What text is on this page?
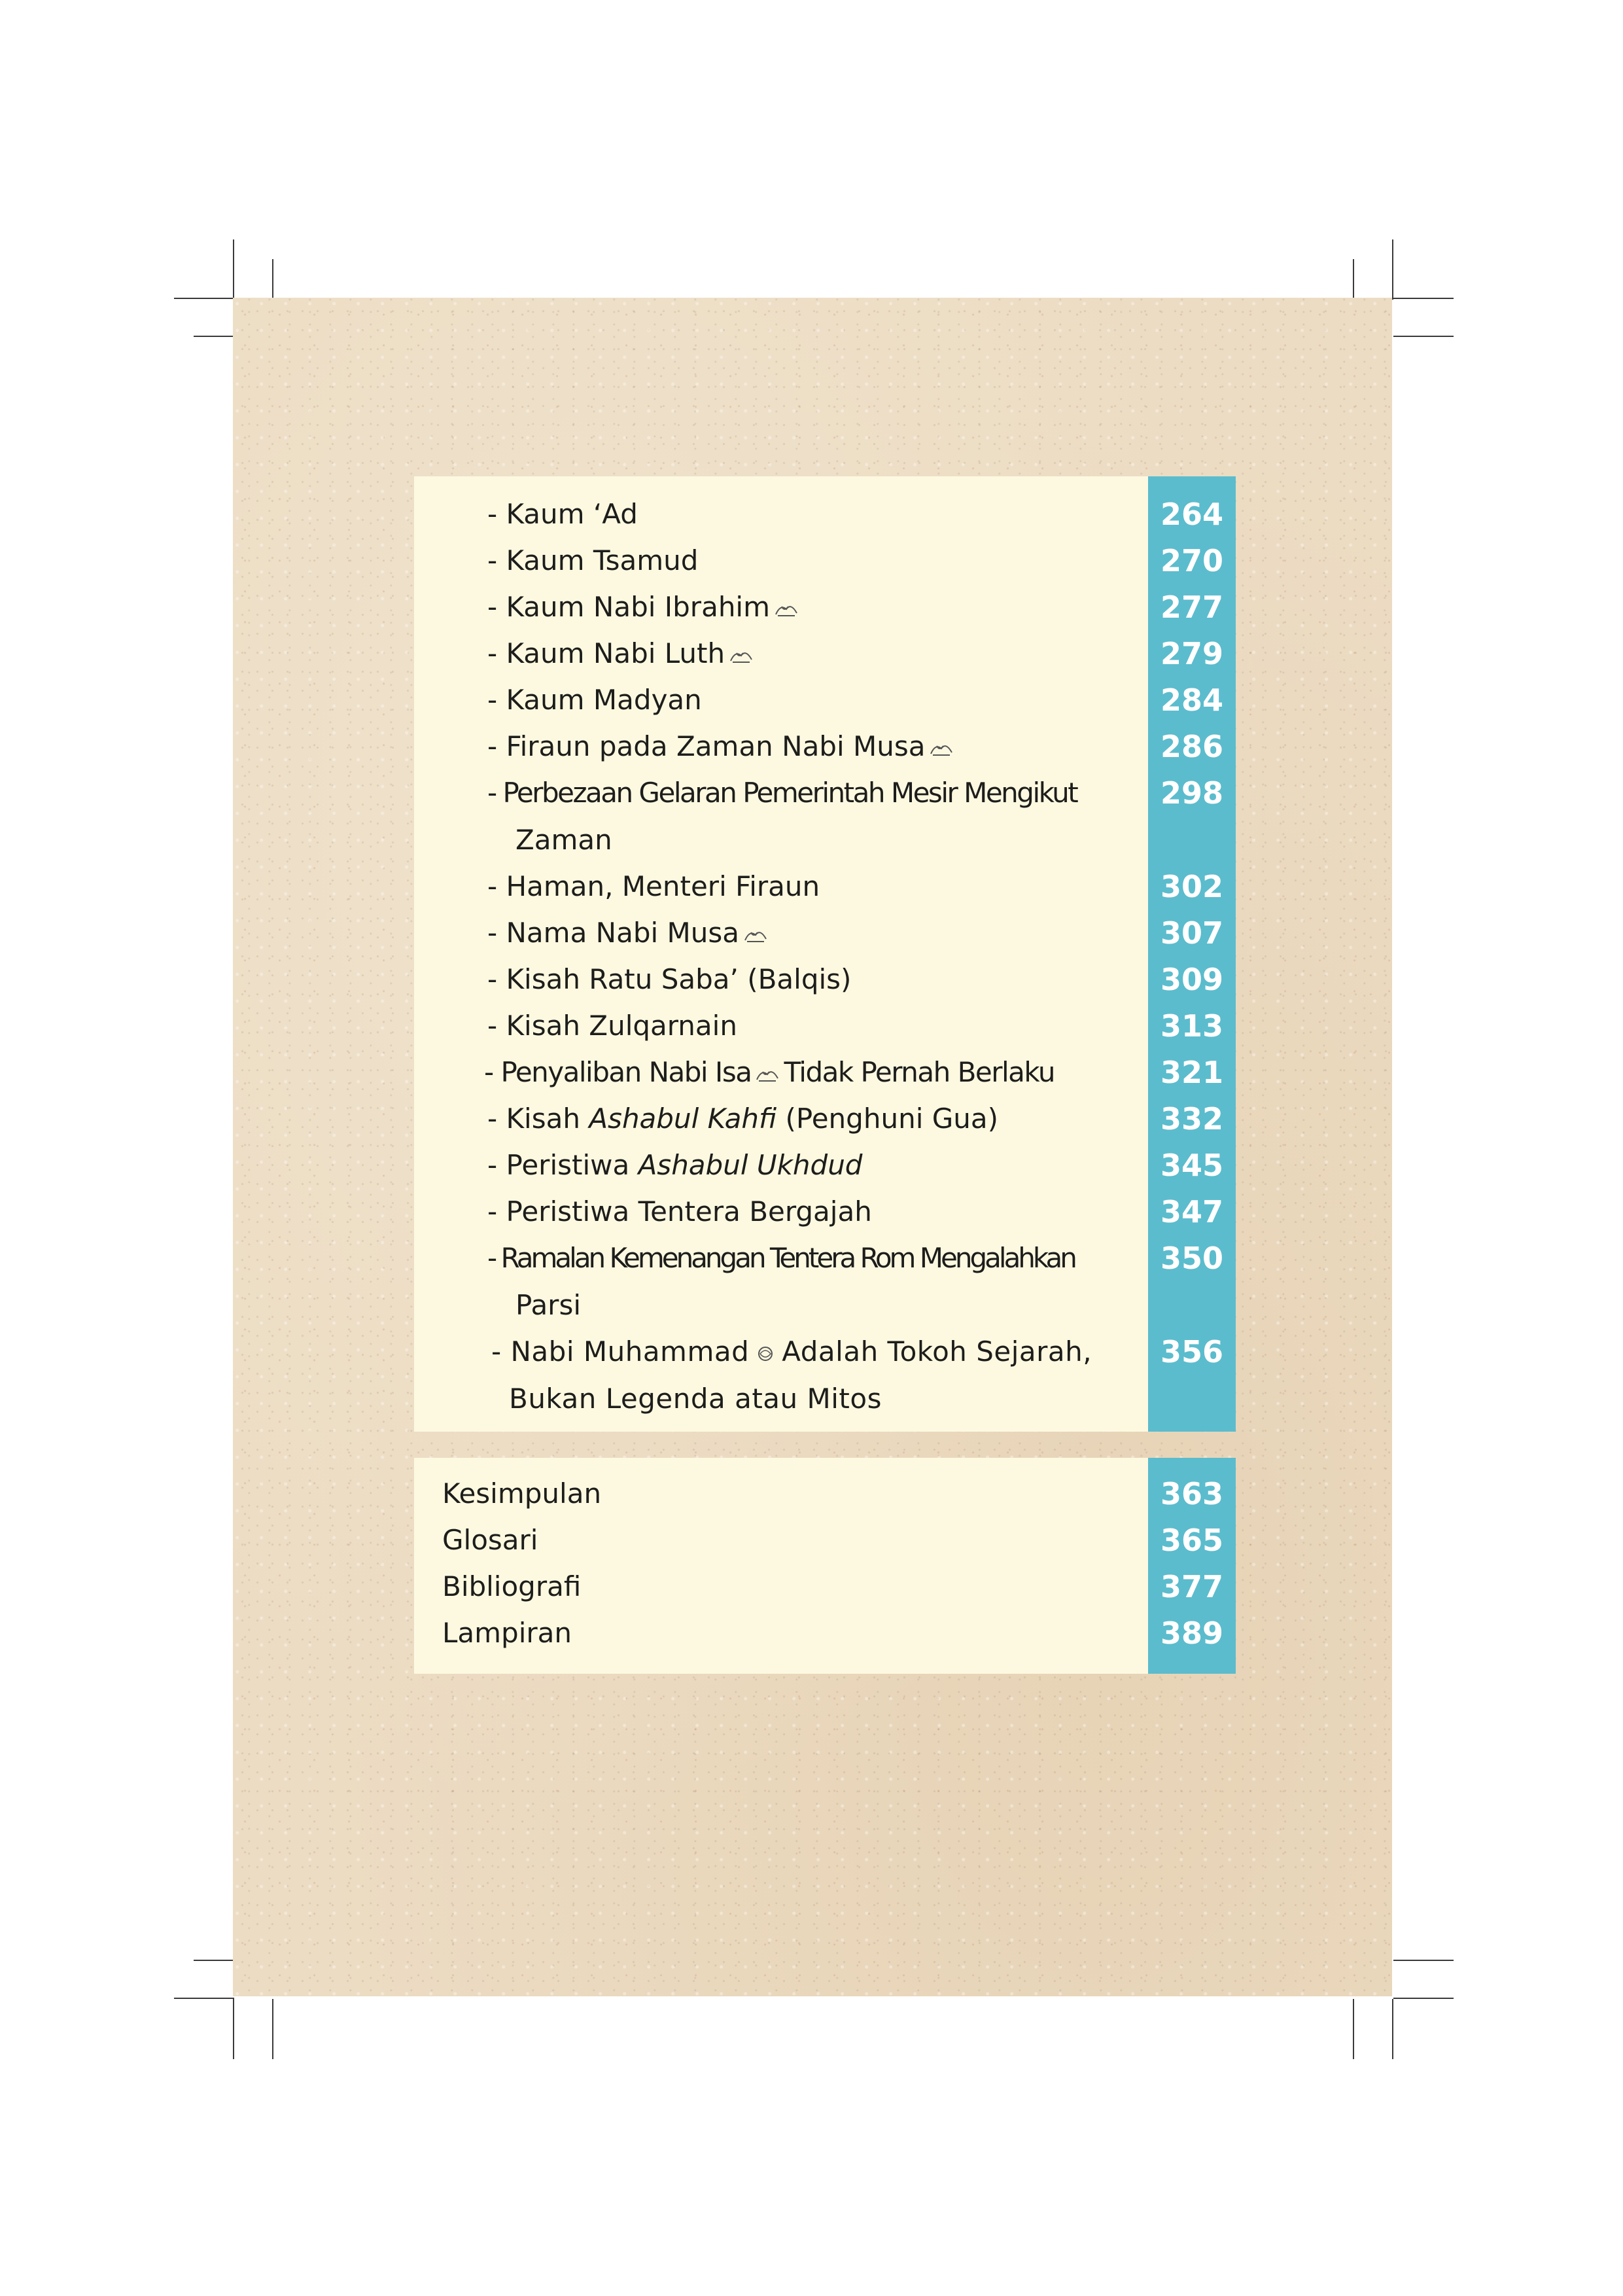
- Kaum ‘Ad	264
- Kaum Tsamud	270
- Kaum Nabi Ibrahim	277
- Kaum Nabi Luth	279
- Kaum Madyan	284
- Firaun pada Zaman Nabi Musa	286
- Perbezaan Gelaran Pemerintah Mesir Mengikut	298
Zaman
- Haman, Menteri Firaun	302
- Nama Nabi Musa	307
- Kisah Ratu Saba’ (Balqis)	309
- Kisah Zulqarnain	313
- Penyaliban Nabi Isa Tidak Pernah Berlaku	321
- Kisah Ashabul Kahfi (Penghuni Gua)	332
- Peristiwa Ashabul Ukhdud	345
- Peristiwa Tentera Bergajah	347
- Ramalan Kemenangan Tentera Rom Mengalahkan	350
Parsi
- Nabi Muhammad Adalah Tokoh Sejarah,	356
Bukan Legenda atau Mitos
Kesimpulan	363
Glosari	365
Bibliografi	377
Lampiran	389
